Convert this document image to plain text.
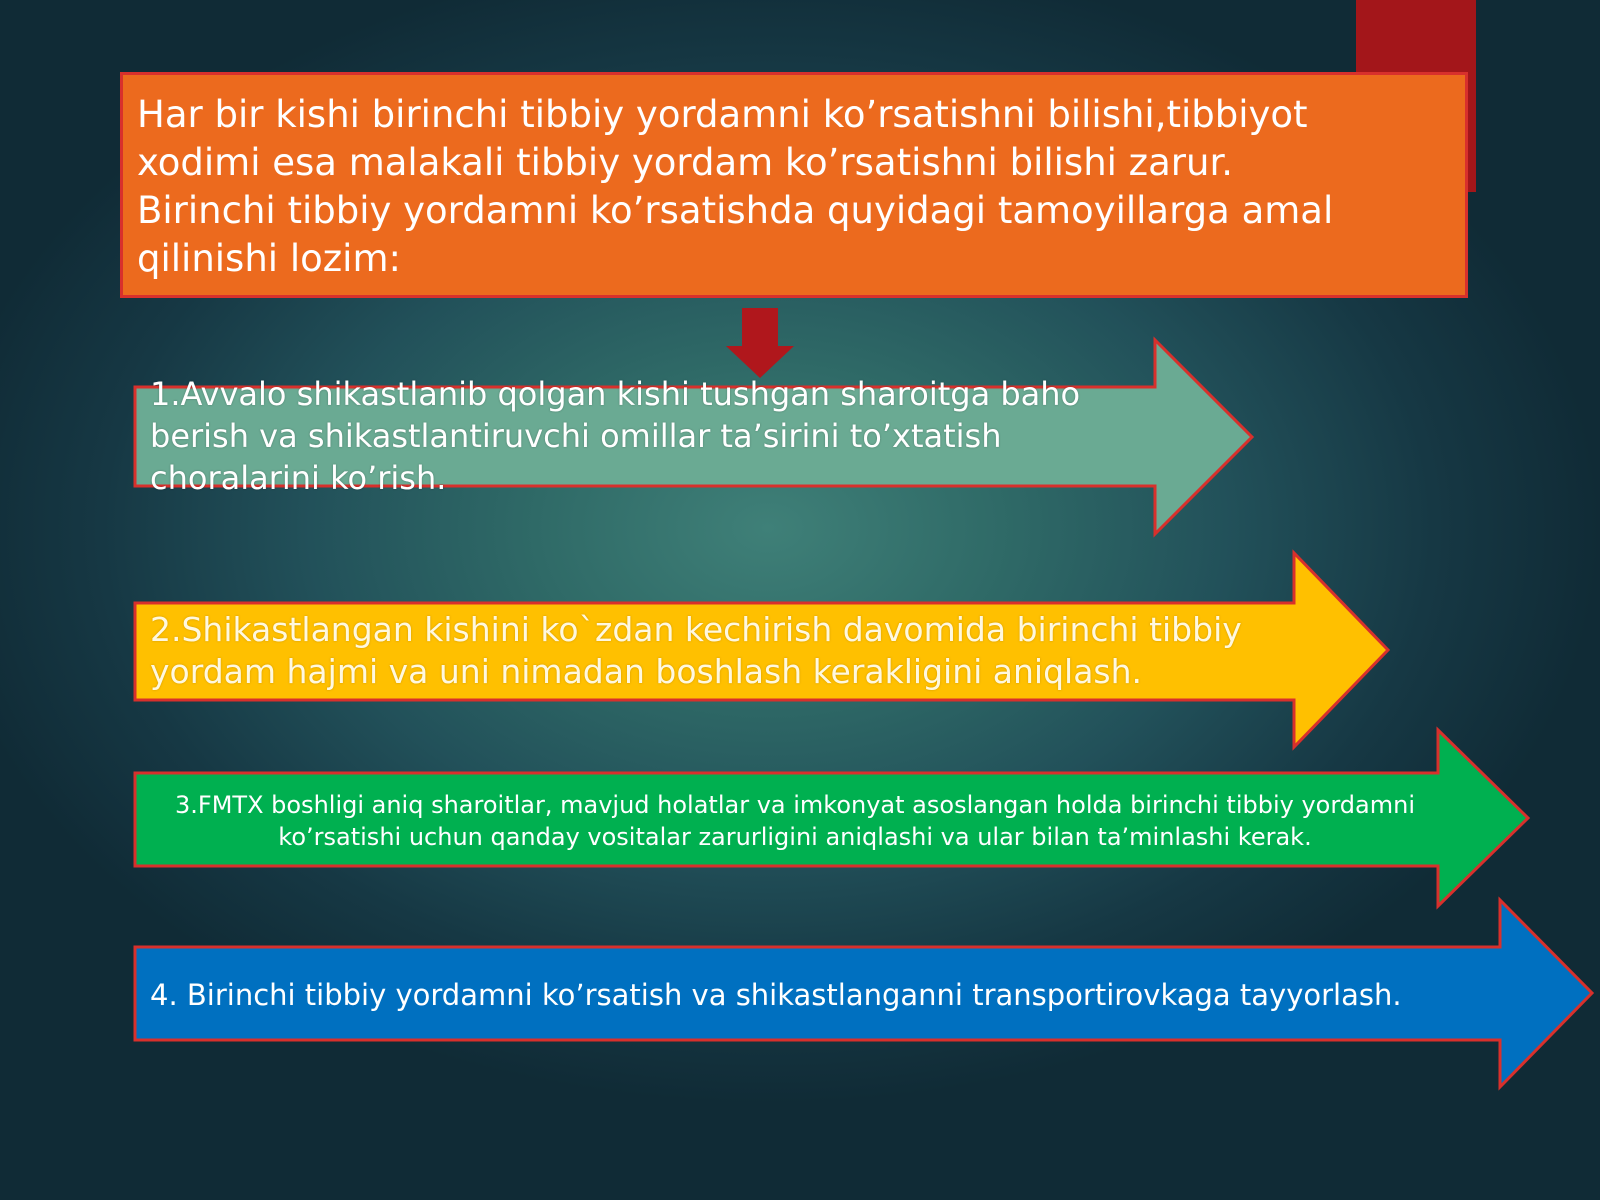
Har bir kishi birinchi tibbiy yordamni ko’rsatishni bilishi,tibbiyot
xodimi esa malakali tibbiy yordam ko’rsatishni bilishi zarur.
Birinchi tibbiy yordamni ko’rsatishda quyidagi tamoyillarga amal
qilinishi lozim:
1.Avvalo shikastlanib qolgan kishi tushgan sharoitga baho
berish va shikastlantiruvchi omillar ta’sirini to’xtatish
choralarini ko’rish.
2.Shikastlangan kishini ko`zdan kechirish davomida birinchi tibbiy
yordam hajmi va uni nimadan boshlash kerakligini aniqlash.
3.FMTX boshligi aniq sharoitlar, mavjud holatlar va imkonyat asoslangan holda birinchi tibbiy yordamni
ko’rsatishi uchun qanday vositalar zarurligini aniqlashi va ular bilan ta’minlashi kerak.
4. Birinchi tibbiy yordamni ko’rsatish va shikastlanganni transportirovkaga tayyorlash.
